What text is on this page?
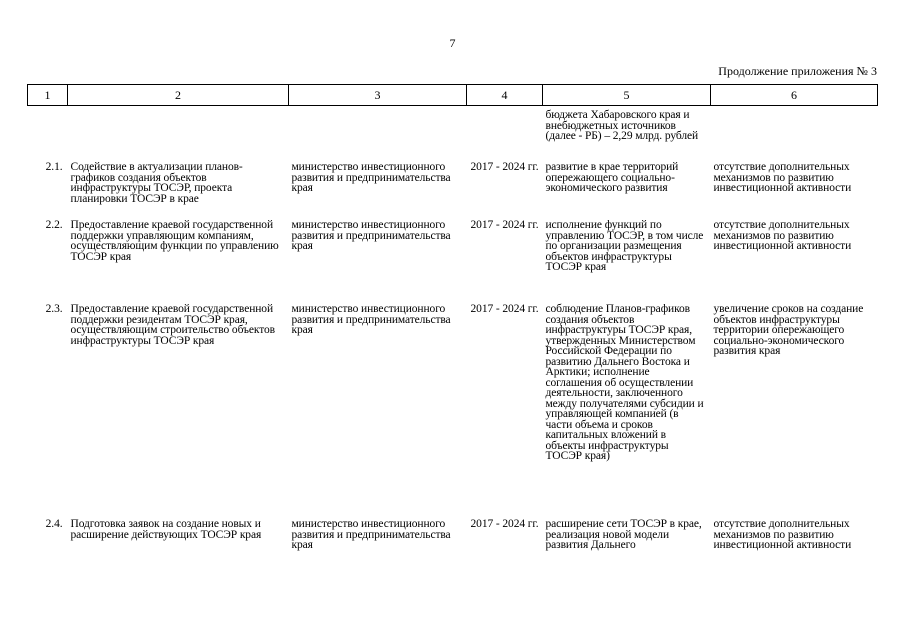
7
Продолжение приложения № 3
1	2	3	4	5	6
				бюджета Хабаровского края и внебюджетных источников (далее - РБ) – 2,29 млрд. рублей	
2.1.	Содействие в актуализации планов-графиков создания объектов инфраструктуры ТОСЭР, проекта планировки ТОСЭР в крае	министерство инвестиционного развития и предпринимательства края	2017 - 2024 гг.	развитие в крае территорий опережающего социально-экономического развития	отсутствие дополнительных механизмов по развитию инвестиционной активности
2.2.	Предоставление краевой государственной поддержки управляющим компаниям, осуществляющим функции по управлению ТОСЭР края	министерство инвестиционного развития и предпринимательства края	2017 - 2024 гг.	исполнение функций по управлению ТОСЭР, в том числе по организации размещения объектов инфраструктуры ТОСЭР края	отсутствие дополнительных механизмов по развитию инвестиционной активности
2.3.	Предоставление краевой государственной поддержки резидентам ТОСЭР края, осуществляющим строительство объектов инфраструктуры ТОСЭР края	министерство инвестиционного развития и предпринимательства края	2017 - 2024 гг.	соблюдение Планов-графиков создания объектов инфраструктуры ТОСЭР края, утвержденных Министерством Российской Федерации по развитию Дальнего Востока и Арктики; исполнение соглашения об осуществлении деятельности, заключенного между получателями субсидии и управляющей компанией (в части объема и сроков капитальных вложений в объекты инфраструктуры ТОСЭР края)	увеличение сроков на создание объектов инфраструктуры территории опережающего социально-экономического развития края
2.4.	Подготовка заявок на создание новых и расширение действующих ТОСЭР края	министерство инвестиционного развития и предпринимательства края	2017 - 2024 гг.	расширение сети ТОСЭР в крае, реализация новой модели развития Дальнего	отсутствие дополнительных механизмов по развитию инвестиционной активности
